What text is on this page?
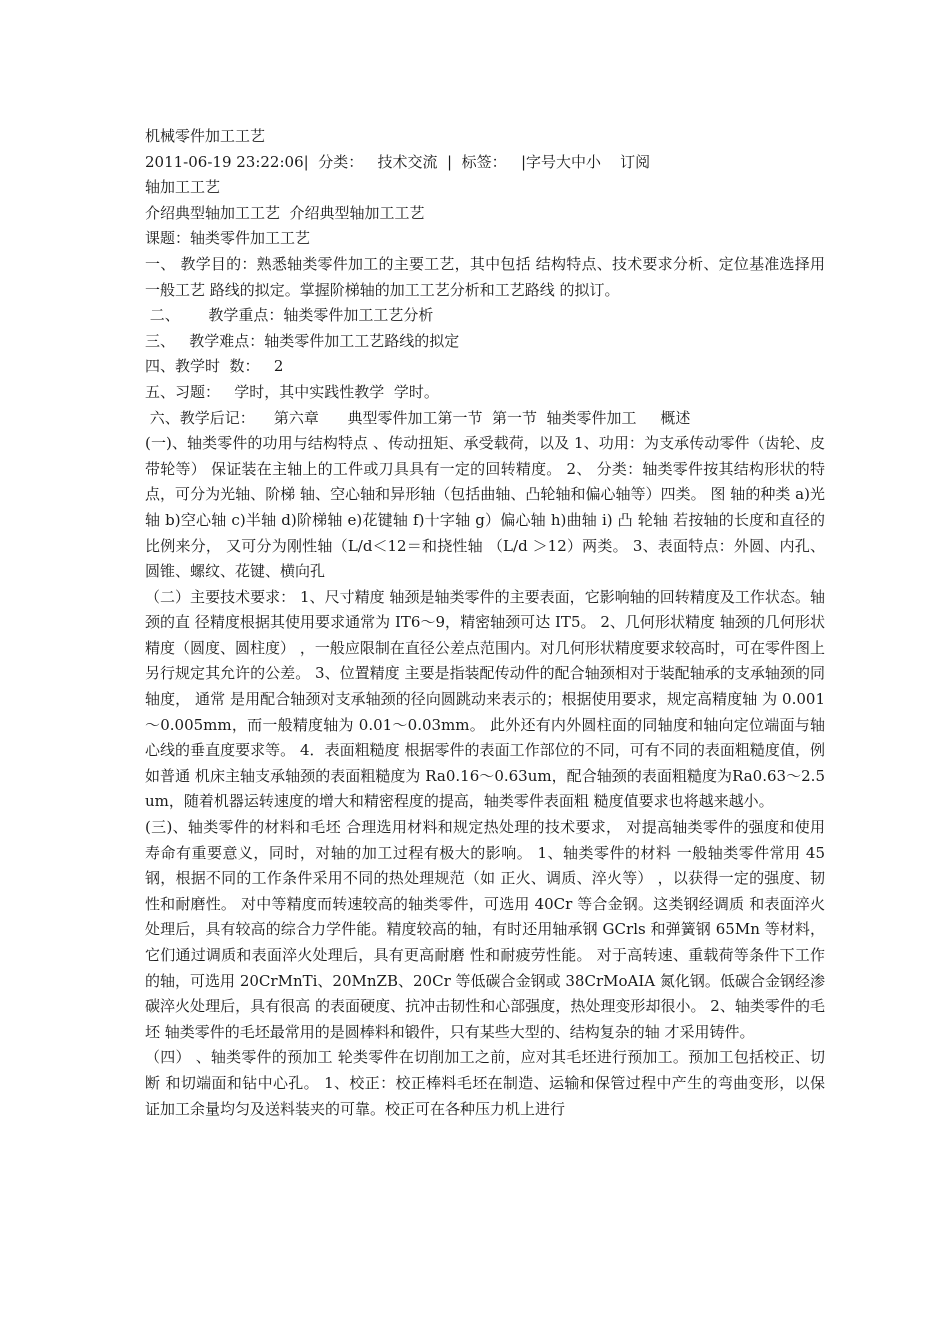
机械零件加工工艺

2011-06-19 23:22:06|  分类：   技术交流  |  标签：   |字号大中小    订阅

轴加工工艺

介绍典型轴加工工艺  介绍典型轴加工工艺

课题：轴类零件加工工艺

一、 教学目的：熟悉轴类零件加工的主要工艺，其中包括 结构特点、技术要求分析、定位基准选择用一般工艺 路线的拟定。掌握阶梯轴的加工工艺分析和工艺路线 的拟订。

二、      教学重点：轴类零件加工工艺分析

三、   教学难点：轴类零件加工工艺路线的拟定

四、教学时  数：   2

五、习题：   学时，其中实践性教学  学时。

六、教学后记：    第六章      典型零件加工第一节  第一节  轴类零件加工     概述

(一)、轴类零件的功用与结构特点 、传动扭矩、承受载荷，以及 1、功用：为支承传动零件（齿轮、皮带轮等） 保证装在主轴上的工件或刀具具有一定的回转精度。 2、 分类：轴类零件按其结构形状的特点，可分为光轴、阶梯 轴、空心轴和异形轴（包括曲轴、凸轮轴和偏心轴等）四类。 图 轴的种类 a)光轴 b)空心轴 c)半轴 d)阶梯轴 e)花键轴 f)十字轴 g）偏心轴 h)曲轴 i) 凸 轮轴 若按轴的长度和直径的比例来分， 又可分为刚性轴（L/d＜12＝和挠性轴 （L/d ＞12）两类。 3、表面特点：外圆、内孔、圆锥、螺纹、花键、横向孔

（二）主要技术要求： 1、尺寸精度 轴颈是轴类零件的主要表面，它影响轴的回转精度及工作状态。轴颈的直 径精度根据其使用要求通常为 IT6～9，精密轴颈可达 IT5。 2、几何形状精度 轴颈的几何形状精度（圆度、圆柱度） ，一般应限制在直径公差点范围内。对几何形状精度要求较高时，可在零件图上另行规定其允许的公差。 3、位置精度 主要是指装配传动件的配合轴颈相对于装配轴承的支承轴颈的同轴度， 通常 是用配合轴颈对支承轴颈的径向圆跳动来表示的；根据使用要求，规定高精度轴 为 0.001～0.005mm，而一般精度轴为 0.01～0.03mm。 此外还有内外圆柱面的同轴度和轴向定位端面与轴心线的垂直度要求等。 4．表面粗糙度 根据零件的表面工作部位的不同，可有不同的表面粗糙度值，例如普通 机床主轴支承轴颈的表面粗糙度为 Ra0.16～0.63um，配合轴颈的表面粗糙度为Ra0.63～2.5um，随着机器运转速度的增大和精密程度的提高，轴类零件表面粗 糙度值要求也将越来越小。

(三)、轴类零件的材料和毛坯 合理选用材料和规定热处理的技术要求， 对提高轴类零件的强度和使用 寿命有重要意义，同时，对轴的加工过程有极大的影响。 1、轴类零件的材料 一般轴类零件常用 45 钢，根据不同的工作条件采用不同的热处理规范（如 正火、调质、淬火等） ，以获得一定的强度、韧性和耐磨性。 对中等精度而转速较高的轴类零件，可选用 40Cr 等合金钢。这类钢经调质 和表面淬火处理后，具有较高的综合力学件能。精度较高的轴，有时还用轴承钢 GCrls 和弹簧钢 65Mn 等材料，它们通过调质和表面淬火处理后，具有更高耐磨 性和耐疲劳性能。 对于高转速、重载荷等条件下工作的轴，可选用 20CrMnTi、20MnZB、20Cr 等低碳合金钢或 38CrMoAIA 氮化钢。低碳合金钢经渗碳淬火处理后，具有很高 的表面硬度、抗冲击韧性和心部强度，热处理变形却很小。 2、轴类零件的毛坯 轴类零件的毛坯最常用的是圆棒料和锻件，只有某些大型的、结构复杂的轴 才采用铸件。

（四） 、轴类零件的预加工 轮类零件在切削加工之前，应对其毛坯进行预加工。预加工包括校正、切断 和切端面和钻中心孔。 1、校正：校正棒料毛坯在制造、运输和保管过程中产生的弯曲变形，以保 证加工余量均匀及送料装夹的可靠。校正可在各种压力机上进行
